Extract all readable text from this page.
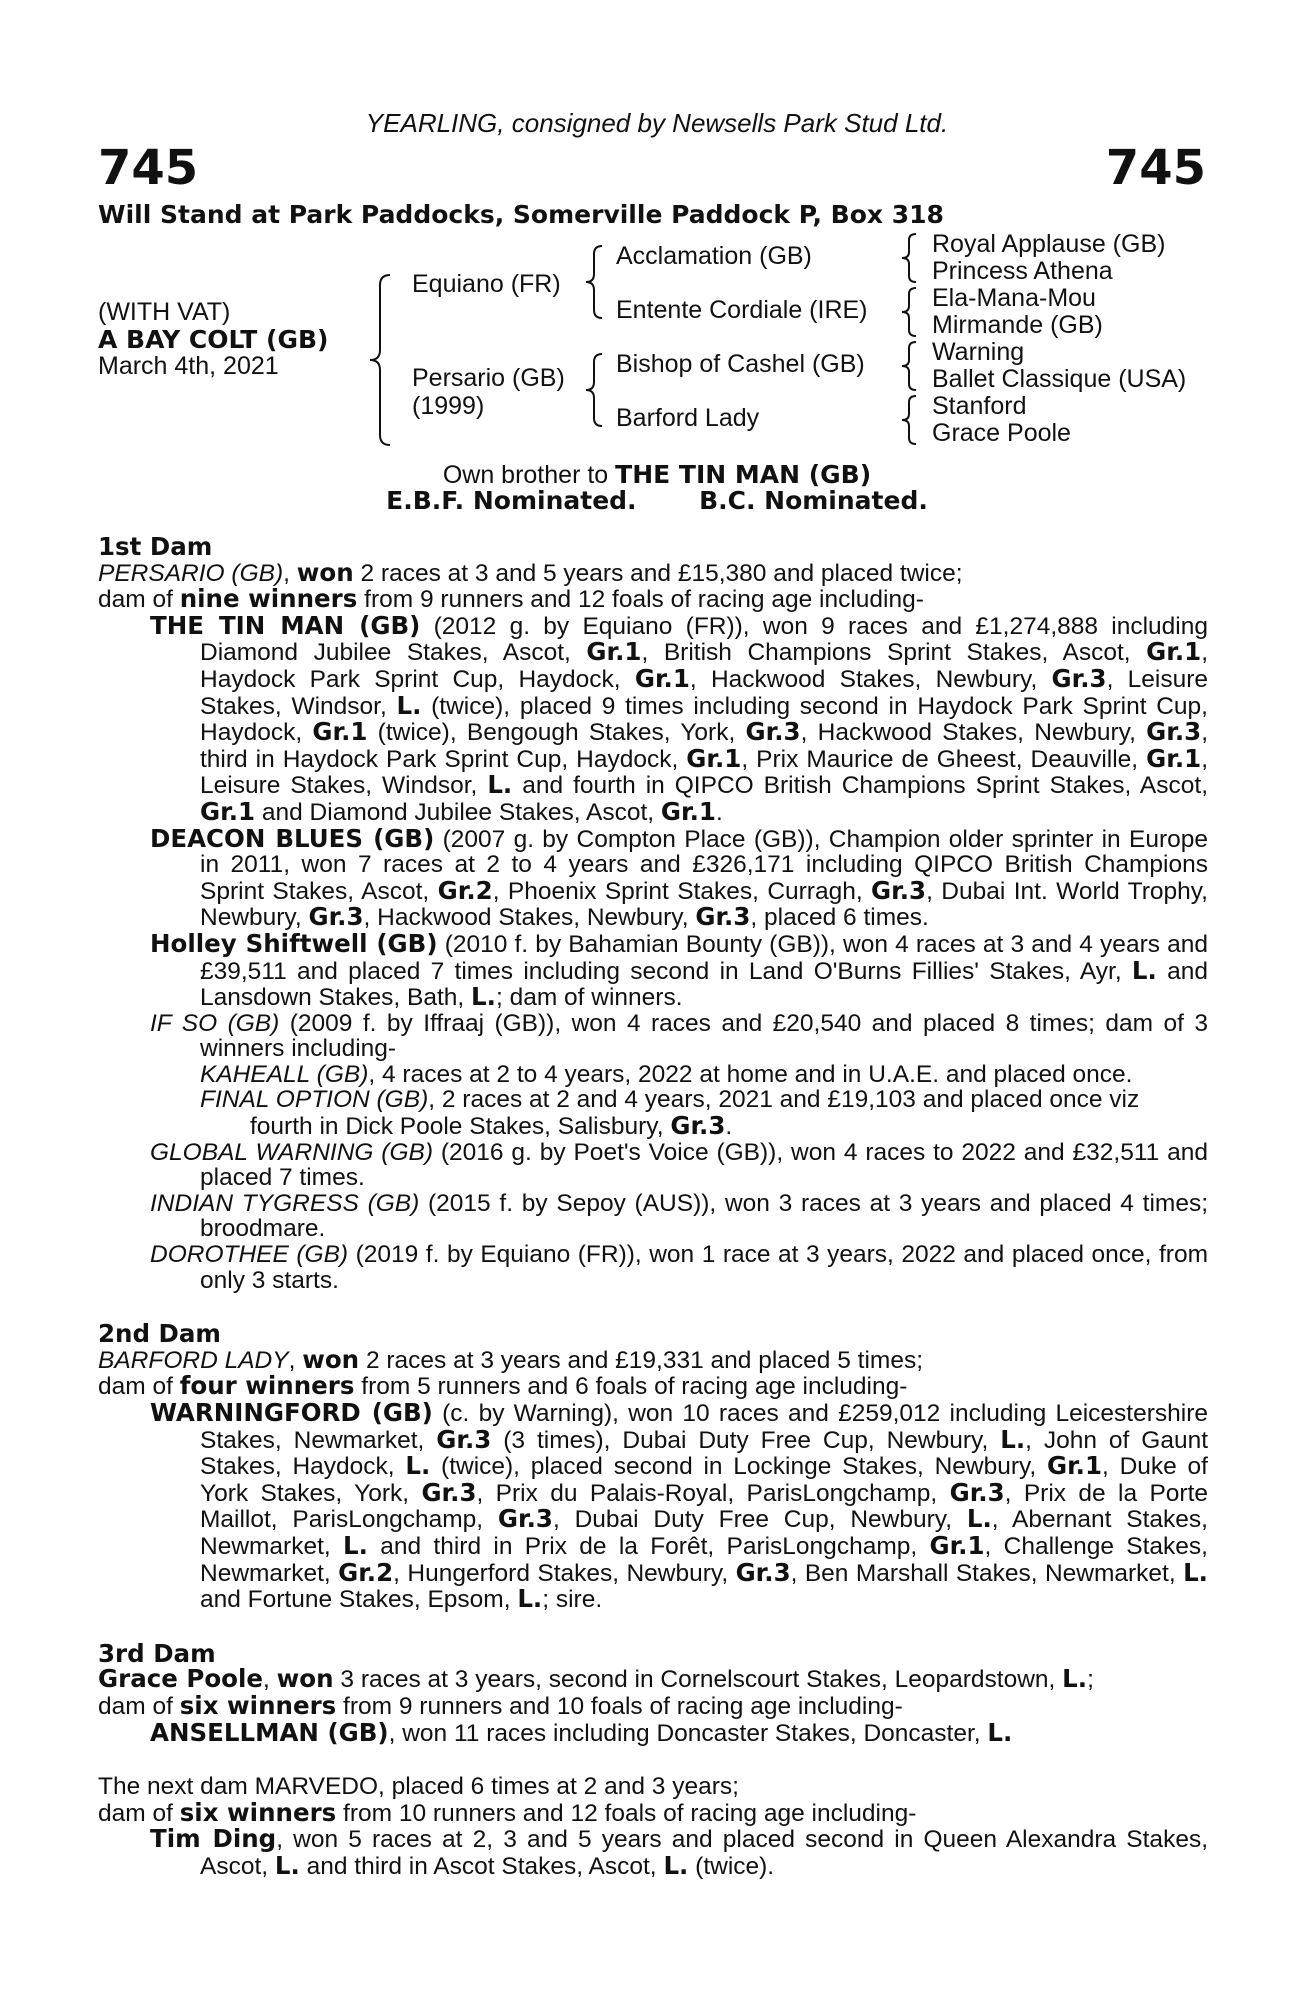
YEARLING, consigned by Newsells Park Stud Ltd.
745	745
Will Stand at Park Paddocks, Somerville Paddock P, Box 318
(WITH VAT)
A BAY COLT (GB)
March 4th, 2021
Equiano (FR)
Persario (GB)
(1999)
Acclamation (GB)
Entente Cordiale (IRE)
Bishop of Cashel (GB)
Barford Lady
Royal Applause (GB)
Princess Athena
Ela-Mana-Mou
Mirmande (GB)
Warning
Ballet Classique (USA)
Stanford
Grace Poole
Own brother to THE TIN MAN (GB)
E.B.F. Nominated.	B.C. Nominated.

1st Dam

PERSARIO (GB), won 2 races at 3 and 5 years and £15,380 and placed twice;

dam of nine winners from 9 runners and 12 foals of racing age including-

THE TIN MAN (GB) (2012 g. by Equiano (FR)), won 9 races and £1,274,888 including Diamond Jubilee Stakes, Ascot, Gr.1, British Champions Sprint Stakes, Ascot, Gr.1, Haydock Park Sprint Cup, Haydock, Gr.1, Hackwood Stakes, Newbury, Gr.3, Leisure Stakes, Windsor, L. (twice), placed 9 times including second in Haydock Park Sprint Cup, Haydock, Gr.1 (twice), Bengough Stakes, York, Gr.3, Hackwood Stakes, Newbury, Gr.3, third in Haydock Park Sprint Cup, Haydock, Gr.1, Prix Maurice de Gheest, Deauville, Gr.1, Leisure Stakes, Windsor, L. and fourth in QIPCO British Champions Sprint Stakes, Ascot, Gr.1 and Diamond Jubilee Stakes, Ascot, Gr.1.

DEACON BLUES (GB) (2007 g. by Compton Place (GB)), Champion older sprinter in Europe in 2011, won 7 races at 2 to 4 years and £326,171 including QIPCO British Champions Sprint Stakes, Ascot, Gr.2, Phoenix Sprint Stakes, Curragh, Gr.3, Dubai Int. World Trophy, Newbury, Gr.3, Hackwood Stakes, Newbury, Gr.3, placed 6 times.

Holley Shiftwell (GB) (2010 f. by Bahamian Bounty (GB)), won 4 races at 3 and 4 years and £39,511 and placed 7 times including second in Land O'Burns Fillies' Stakes, Ayr, L. and Lansdown Stakes, Bath, L.; dam of winners.

IF SO (GB) (2009 f. by Iffraaj (GB)), won 4 races and £20,540 and placed 8 times; dam of 3 winners including-

KAHEALL (GB), 4 races at 2 to 4 years, 2022 at home and in U.A.E. and placed once.

FINAL OPTION (GB), 2 races at 2 and 4 years, 2021 and £19,103 and placed once viz fourth in Dick Poole Stakes, Salisbury, Gr.3.

GLOBAL WARNING (GB) (2016 g. by Poet's Voice (GB)), won 4 races to 2022 and £32,511 and placed 7 times.

INDIAN TYGRESS (GB) (2015 f. by Sepoy (AUS)), won 3 races at 3 years and placed 4 times; broodmare.

DOROTHEE (GB) (2019 f. by Equiano (FR)), won 1 race at 3 years, 2022 and placed once, from only 3 starts.

2nd Dam

BARFORD LADY, won 2 races at 3 years and £19,331 and placed 5 times;

dam of four winners from 5 runners and 6 foals of racing age including-

WARNINGFORD (GB) (c. by Warning), won 10 races and £259,012 including Leicestershire Stakes, Newmarket, Gr.3 (3 times), Dubai Duty Free Cup, Newbury, L., John of Gaunt Stakes, Haydock, L. (twice), placed second in Lockinge Stakes, Newbury, Gr.1, Duke of York Stakes, York, Gr.3, Prix du Palais-Royal, ParisLongchamp, Gr.3, Prix de la Porte Maillot, ParisLongchamp, Gr.3, Dubai Duty Free Cup, Newbury, L., Abernant Stakes, Newmarket, L. and third in Prix de la Forêt, ParisLongchamp, Gr.1, Challenge Stakes, Newmarket, Gr.2, Hungerford Stakes, Newbury, Gr.3, Ben Marshall Stakes, Newmarket, L. and Fortune Stakes, Epsom, L.; sire.

3rd Dam

Grace Poole, won 3 races at 3 years, second in Cornelscourt Stakes, Leopardstown, L.;

dam of six winners from 9 runners and 10 foals of racing age including-

ANSELLMAN (GB), won 11 races including Doncaster Stakes, Doncaster, L.

The next dam MARVEDO, placed 6 times at 2 and 3 years;

dam of six winners from 10 runners and 12 foals of racing age including-

Tim Ding, won 5 races at 2, 3 and 5 years and placed second in Queen Alexandra Stakes, Ascot, L. and third in Ascot Stakes, Ascot, L. (twice).
